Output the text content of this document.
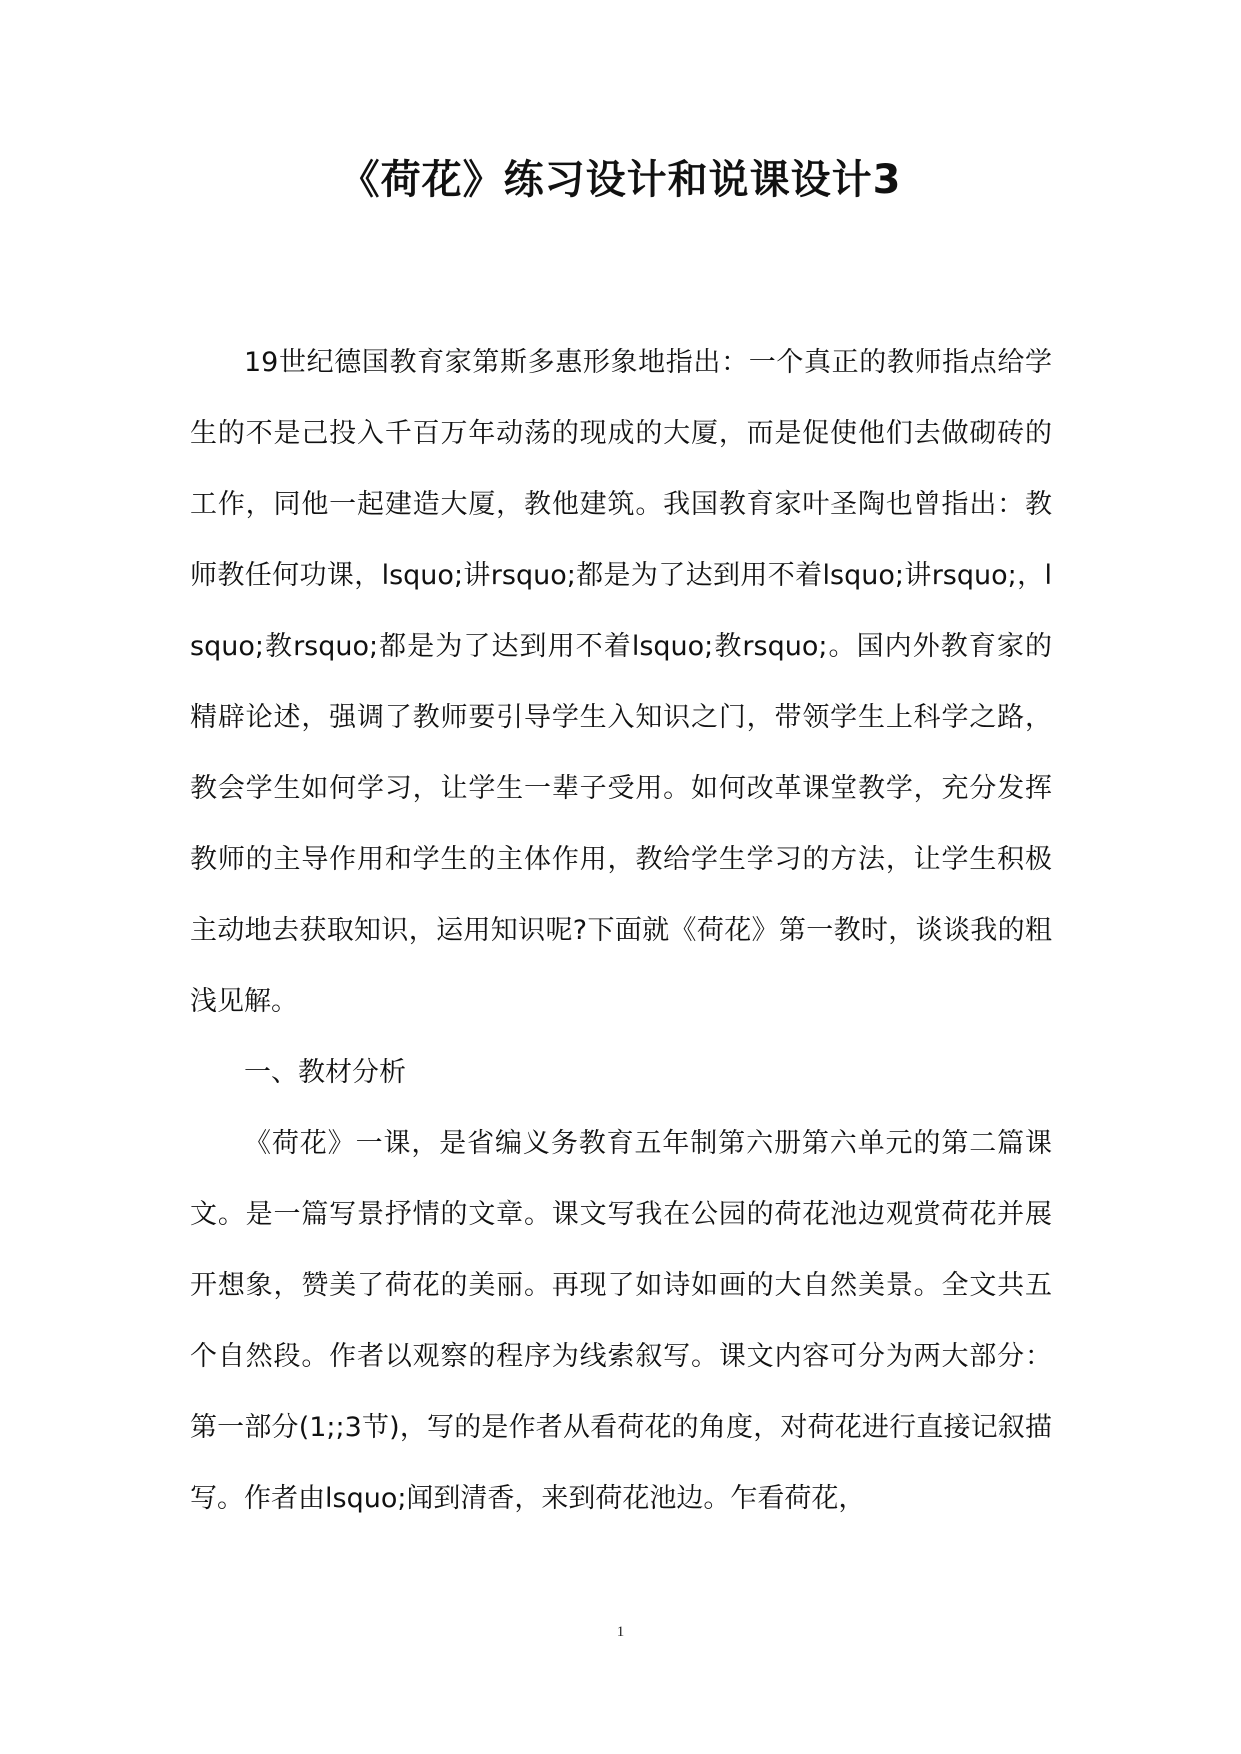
《荷花》练习设计和说课设计3

19世纪德国教育家第斯多惠形象地指出：一个真正的教师指点给学生的不是己投入千百万年动荡的现成的大厦，而是促使他们去做砌砖的工作，同他一起建造大厦，教他建筑。我国教育家叶圣陶也曾指出：教师教任何功课，lsquo;讲rsquo;都是为了达到用不着lsquo;讲rsquo;，lsquo;教rsquo;都是为了达到用不着lsquo;教rsquo;。国内外教育家的精辟论述，强调了教师要引导学生入知识之门，带领学生上科学之路，教会学生如何学习，让学生一辈子受用。如何改革课堂教学，充分发挥教师的主导作用和学生的主体作用，教给学生学习的方法，让学生积极主动地去获取知识，运用知识呢?下面就《荷花》第一教时，谈谈我的粗浅见解。

一、教材分析

《荷花》一课，是省编义务教育五年制第六册第六单元的第二篇课文。是一篇写景抒情的文章。课文写我在公园的荷花池边观赏荷花并展开想象，赞美了荷花的美丽。再现了如诗如画的大自然美景。全文共五个自然段。作者以观察的程序为线索叙写。课文内容可分为两大部分：第一部分(1;;3节)，写的是作者从看荷花的角度，对荷花进行直接记叙描写。作者由lsquo;闻到清香，来到荷花池边。乍看荷花，

1
